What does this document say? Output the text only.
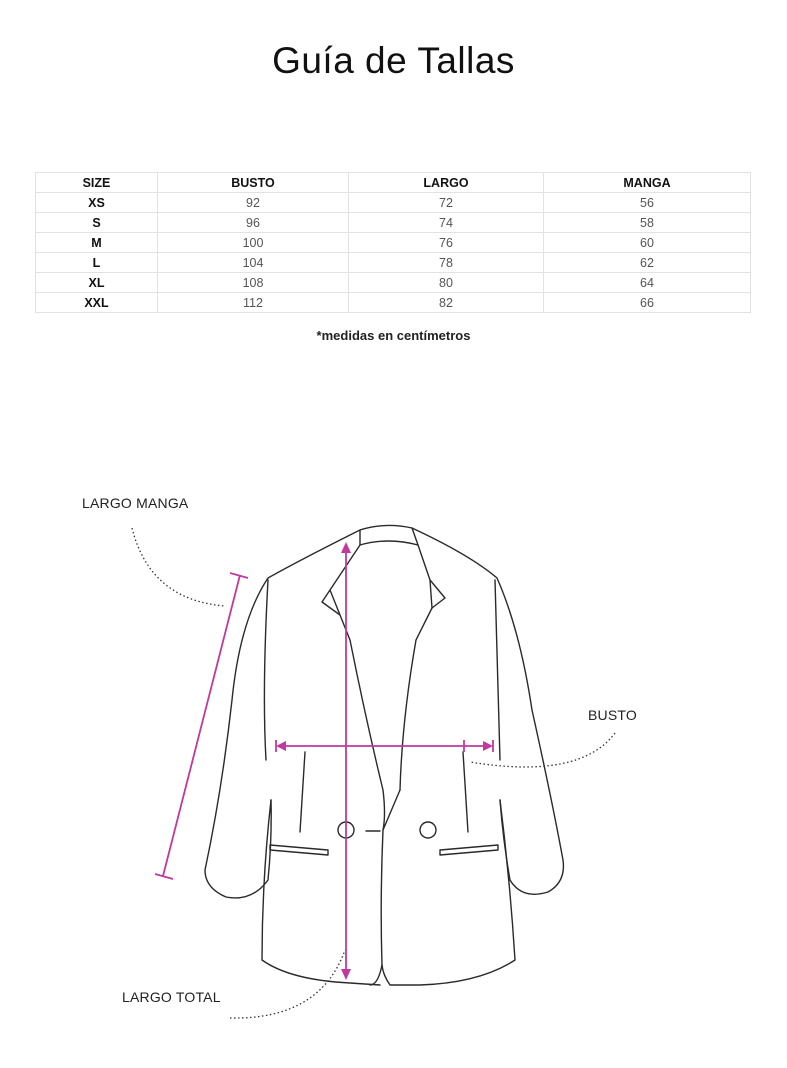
Guía de Tallas
SIZE	BUSTO	LARGO	MANGA
XS	92	72	56
S	96	74	58
M	100	76	60
L	104	78	62
XL	108	80	64
XXL	112	82	66
*medidas en centímetros
LARGO MANGA
BUSTO
LARGO TOTAL
